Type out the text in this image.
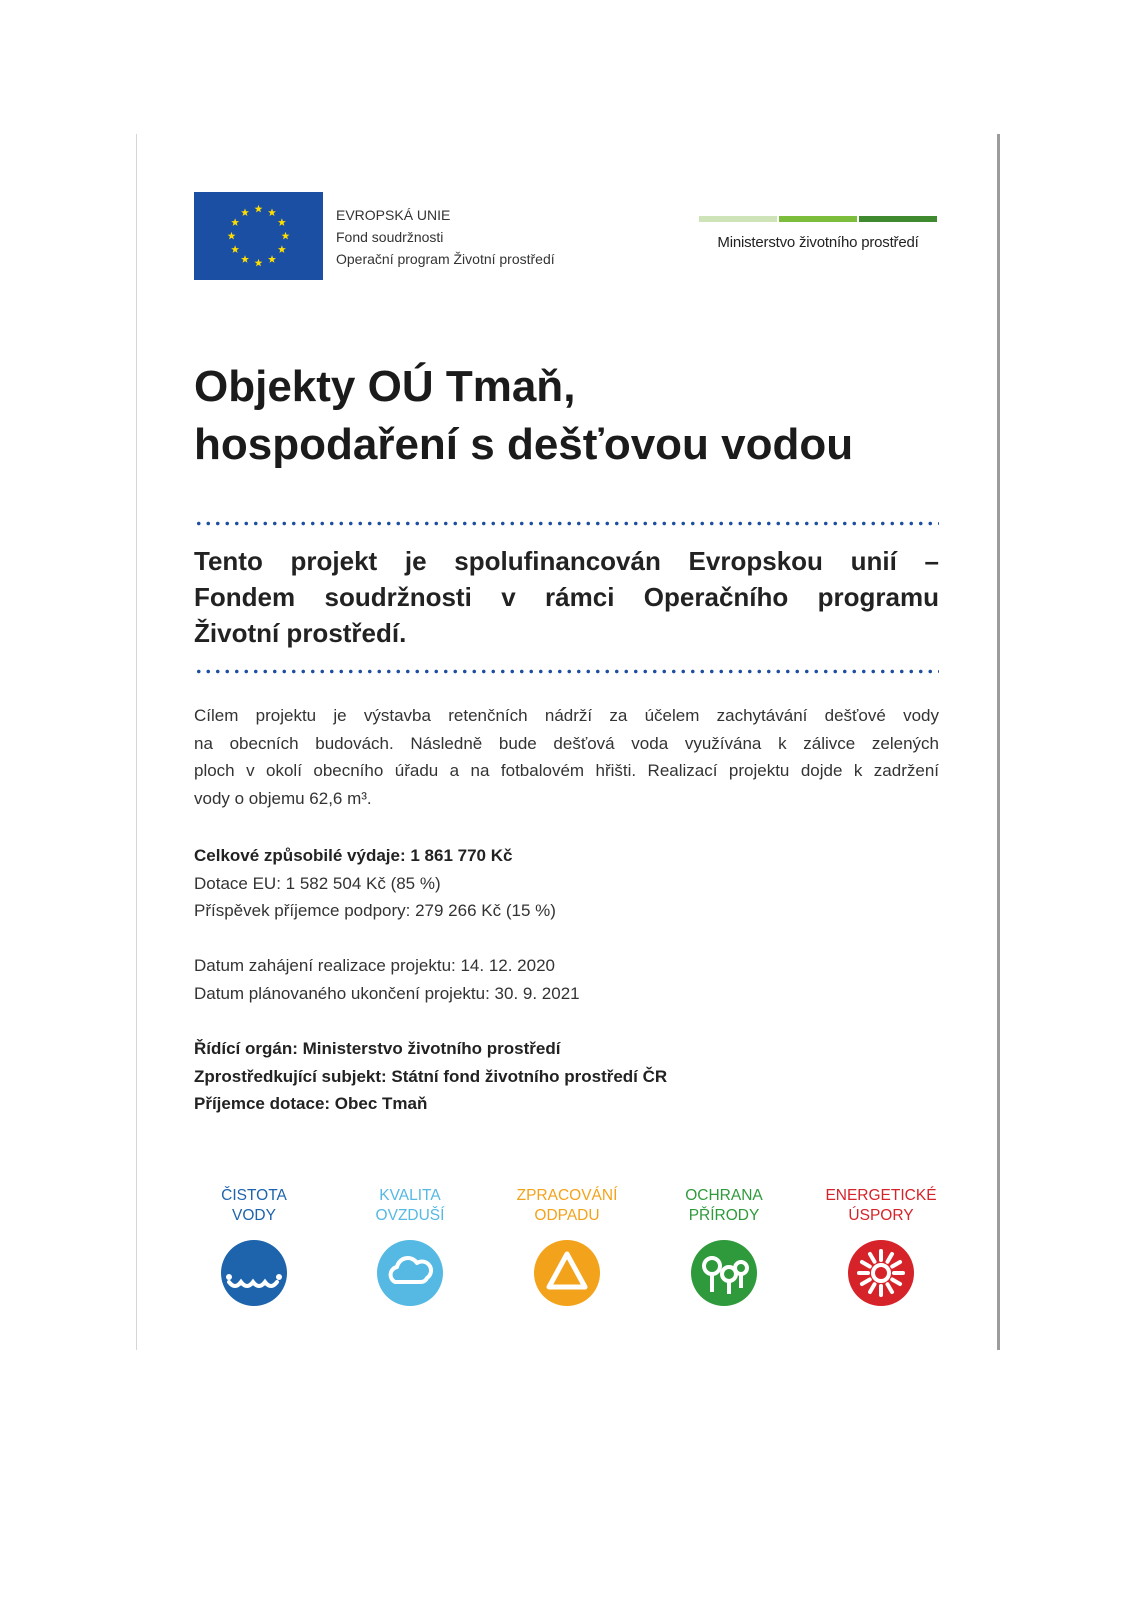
EVROPSKÁ UNIE
Fond soudržnosti
Operační program Životní prostředí
Ministerstvo životního prostředí
Objekty OÚ Tmaň,
hospodaření s dešťovou vodou
Tento projekt je spolufinancován Evropskou unií –
Fondem soudržnosti v rámci Operačního programu
Životní prostředí.
Cílem projektu je výstavba retenčních nádrží za účelem zachytávání dešťové vody
na obecních budovách. Následně bude dešťová voda využívána k zálivce zelených
ploch v okolí obecního úřadu a na fotbalovém hřišti. Realizací projektu dojde k zadržení
vody o objemu 62,6 m³.
Celkové způsobilé výdaje: 1 861 770 Kč
Dotace EU: 1 582 504 Kč (85 %)
Příspěvek příjemce podpory: 279 266 Kč (15 %)
Datum zahájení realizace projektu: 14. 12. 2020
Datum plánovaného ukončení projektu: 30. 9. 2021
Řídící orgán: Ministerstvo životního prostředí
Zprostředkující subjekt: Státní fond životního prostředí ČR
Příjemce dotace: Obec Tmaň
ČISTOTA
VODY
KVALITA
OVZDUŠÍ
ZPRACOVÁNÍ
ODPADU
OCHRANA
PŘÍRODY
ENERGETICKÉ
ÚSPORY
